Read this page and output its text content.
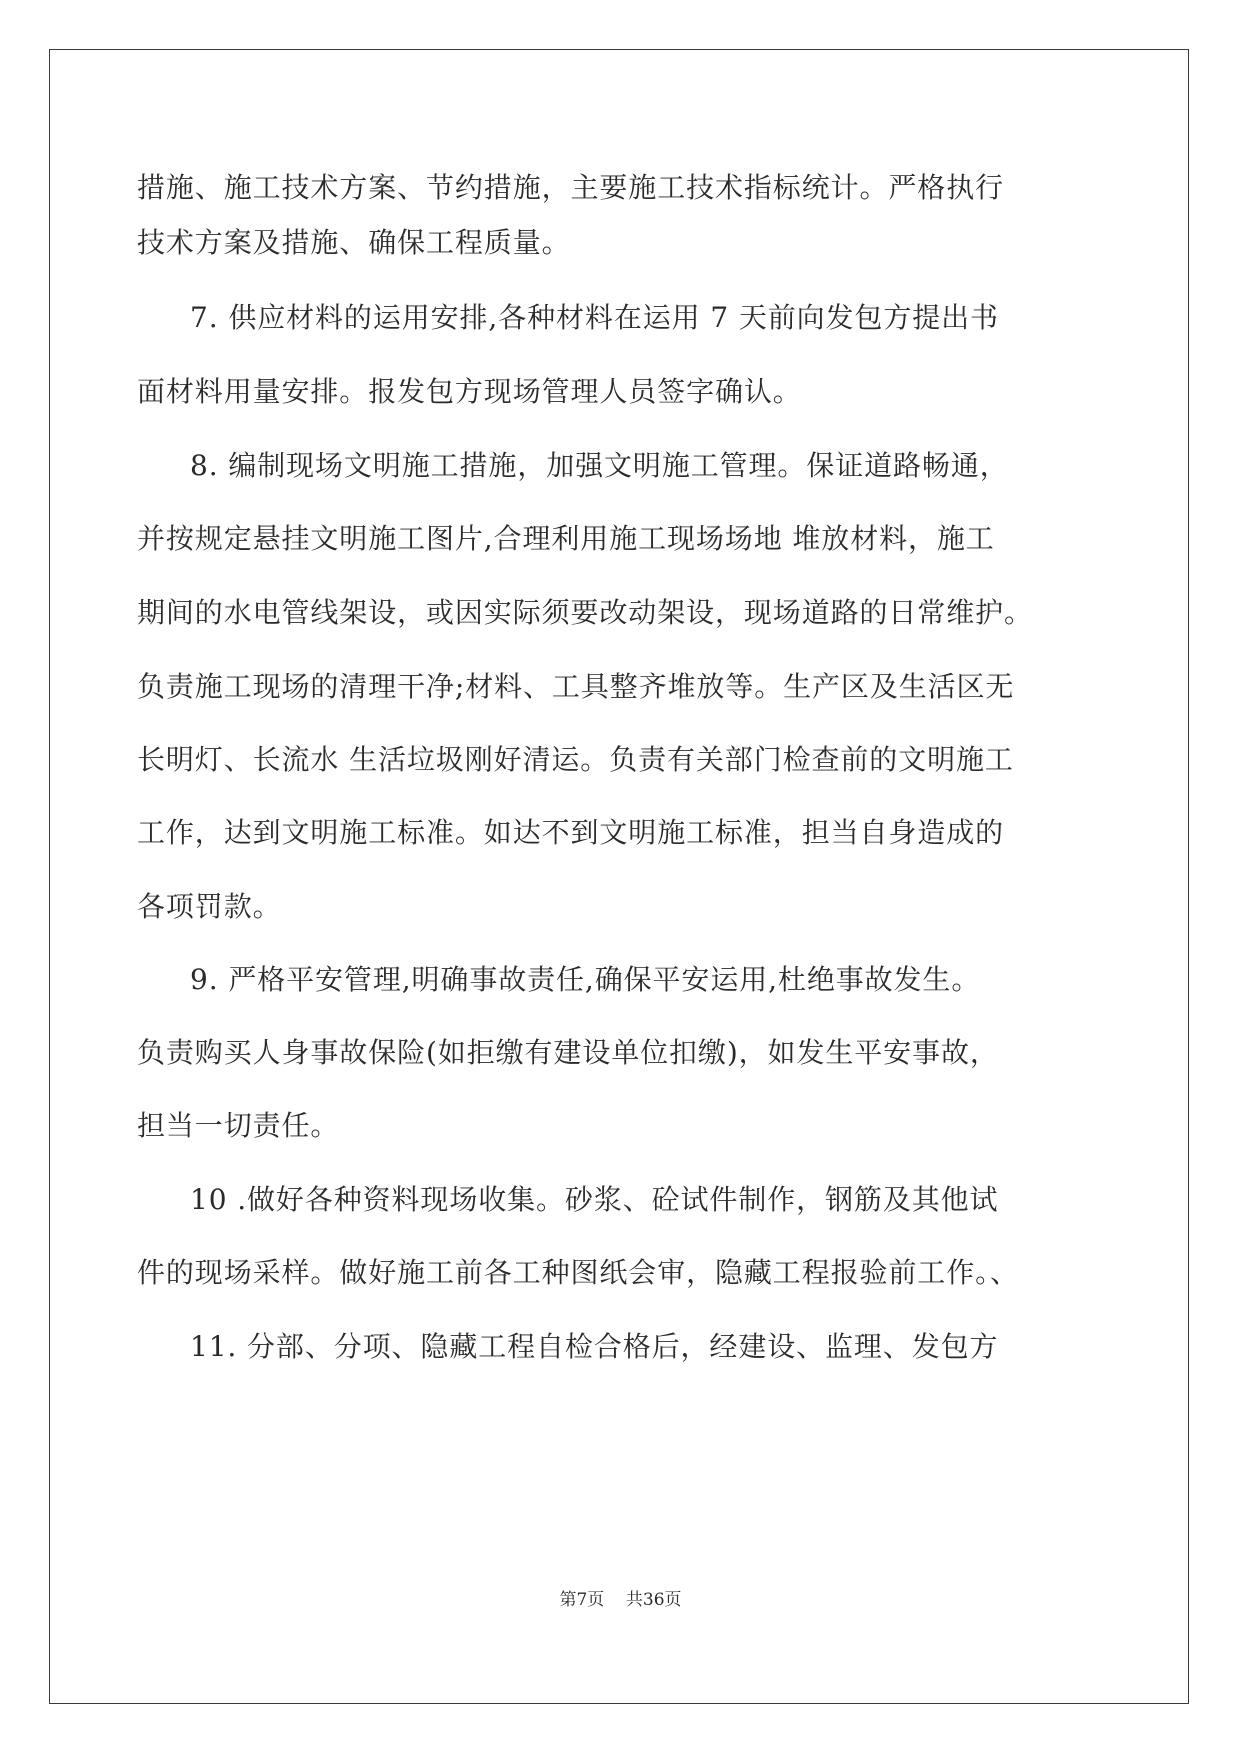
措施、施工技术方案、节约措施，主要施工技术指标统计。严格执行
技术方案及措施、确保工程质量。
7. 供应材料的运用安排,各种材料在运用 7 天前向发包方提出书
面材料用量安排。报发包方现场管理人员签字确认。
8. 编制现场文明施工措施，加强文明施工管理。保证道路畅通，
并按规定悬挂文明施工图片,合理利用施工现场场地 堆放材料，施工
期间的水电管线架设，或因实际须要改动架设，现场道路的日常维护。
负责施工现场的清理干净;材料、工具整齐堆放等。生产区及生活区无
长明灯、长流水 生活垃圾刚好清运。负责有关部门检查前的文明施工
工作，达到文明施工标准。如达不到文明施工标准，担当自身造成的
各项罚款。
9. 严格平安管理,明确事故责任,确保平安运用,杜绝事故发生。
负责购买人身事故保险(如拒缴有建设单位扣缴)，如发生平安事故，
担当一切责任。
10 .做好各种资料现场收集。砂浆、砼试件制作，钢筋及其他试
件的现场采样。做好施工前各工种图纸会审，隐藏工程报验前工作。、
11. 分部、分项、隐藏工程自检合格后，经建设、监理、发包方
第7页    共36页
